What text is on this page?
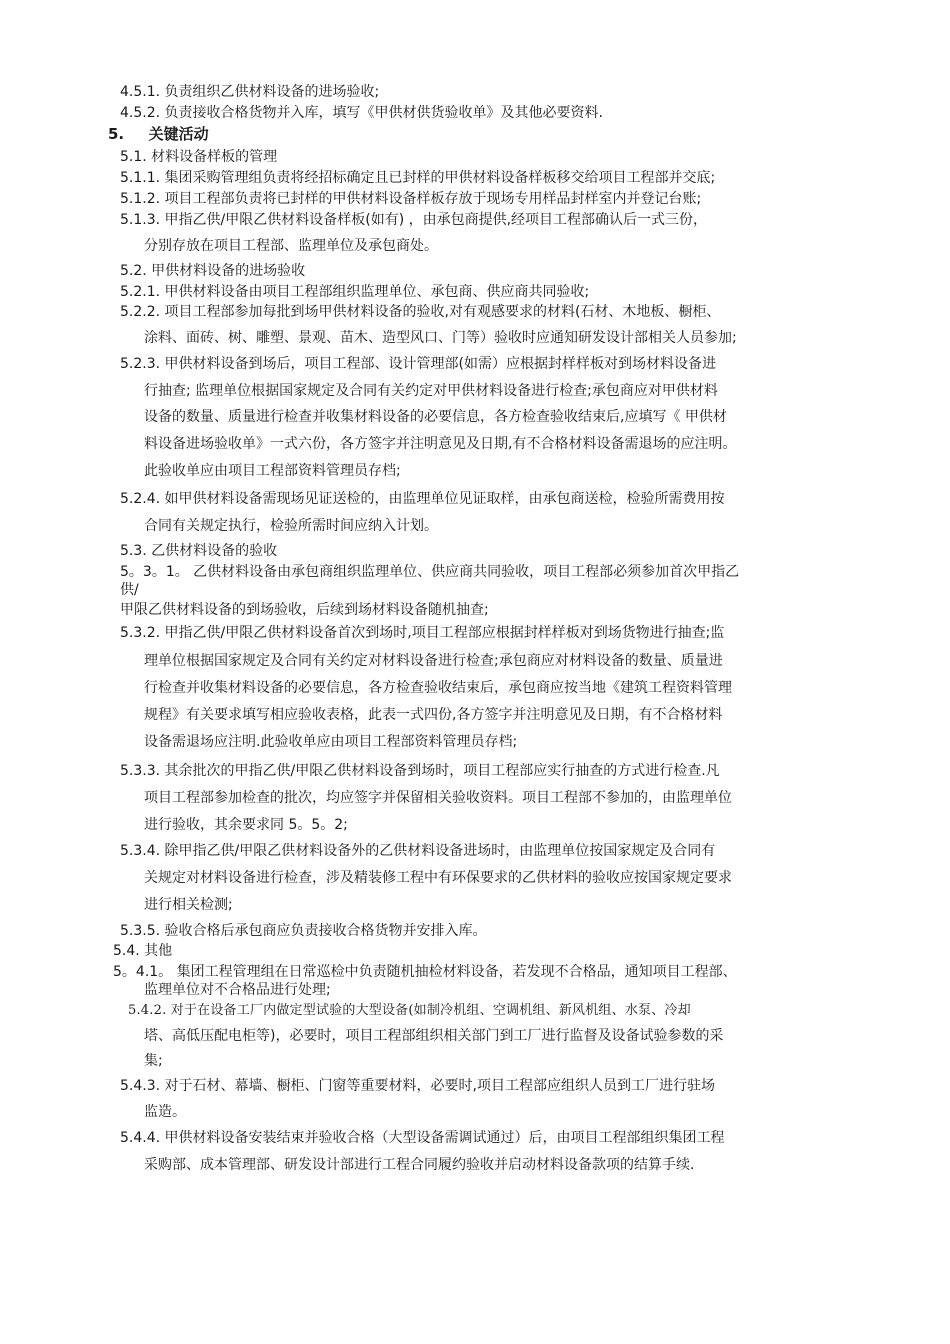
4.5.1. 负责组织乙供材料设备的进场验收;
4.5.2. 负责接收合格货物并入库，填写《甲供材供货验收单》及其他必要资料.
5. 关键活动
5.1. 材料设备样板的管理
5.1.1. 集团采购管理组负责将经招标确定且已封样的甲供材料设备样板移交给项目工程部并交底;
5.1.2. 项目工程部负责将已封样的甲供材料设备样板存放于现场专用样品封样室内并登记台账;
5.1.3. 甲指乙供/甲限乙供材料设备样板(如有) ，由承包商提供,经项目工程部确认后一式三份，
分别存放在项目工程部、监理单位及承包商处。
5.2. 甲供材料设备的进场验收
5.2.1. 甲供材料设备由项目工程部组织监理单位、承包商、供应商共同验收;
5.2.2. 项目工程部参加每批到场甲供材料设备的验收,对有观感要求的材料(石材、木地板、橱柜、
涂料、面砖、树、雕塑、景观、苗木、造型风口、门等）验收时应通知研发设计部相关人员参加;
5.2.3. 甲供材料设备到场后，项目工程部、设计管理部(如需）应根据封样样板对到场材料设备进
行抽查; 监理单位根据国家规定及合同有关约定对甲供材料设备进行检查;承包商应对甲供材料
设备的数量、质量进行检查并收集材料设备的必要信息，各方检查验收结束后,应填写《 甲供材
料设备进场验收单》一式六份，各方签字并注明意见及日期,有不合格材料设备需退场的应注明。
此验收单应由项目工程部资料管理员存档;
5.2.4. 如甲供材料设备需现场见证送检的，由监理单位见证取样，由承包商送检，检验所需费用按
合同有关规定执行，检验所需时间应纳入计划。
5.3. 乙供材料设备的验收
5。3。1。 乙供材料设备由承包商组织监理单位、供应商共同验收，项目工程部必须参加首次甲指乙
供/
甲限乙供材料设备的到场验收，后续到场材料设备随机抽查;
5.3.2. 甲指乙供/甲限乙供材料设备首次到场时,项目工程部应根据封样样板对到场货物进行抽查;监
理单位根据国家规定及合同有关约定对材料设备进行检查;承包商应对材料设备的数量、质量进
行检查并收集材料设备的必要信息，各方检查验收结束后，承包商应按当地《建筑工程资料管理
规程》有关要求填写相应验收表格，此表一式四份,各方签字并注明意见及日期，有不合格材料
设备需退场应注明.此验收单应由项目工程部资料管理员存档;
5.3.3. 其余批次的甲指乙供/甲限乙供材料设备到场时，项目工程部应实行抽查的方式进行检查.凡
项目工程部参加检查的批次，均应签字并保留相关验收资料。项目工程部不参加的，由监理单位
进行验收，其余要求同 5。5。2;
5.3.4. 除甲指乙供/甲限乙供材料设备外的乙供材料设备进场时，由监理单位按国家规定及合同有
关规定对材料设备进行检查，涉及精装修工程中有环保要求的乙供材料的验收应按国家规定要求
进行相关检测;
5.3.5. 验收合格后承包商应负责接收合格货物并安排入库。
5.4. 其他
5。4.1。 集团工程管理组在日常巡检中负责随机抽检材料设备，若发现不合格品，通知项目工程部、
监理单位对不合格品进行处理;
5.4.2. 对于在设备工厂内做定型试验的大型设备(如制冷机组、空调机组、新风机组、水泵、冷却
塔、高低压配电柜等)，必要时，项目工程部组织相关部门到工厂进行监督及设备试验参数的采
集;
5.4.3. 对于石材、幕墙、橱柜、门窗等重要材料，必要时,项目工程部应组织人员到工厂进行驻场
监造。
5.4.4. 甲供材料设备安装结束并验收合格（大型设备需调试通过）后，由项目工程部组织集团工程
采购部、成本管理部、研发设计部进行工程合同履约验收并启动材料设备款项的结算手续.
